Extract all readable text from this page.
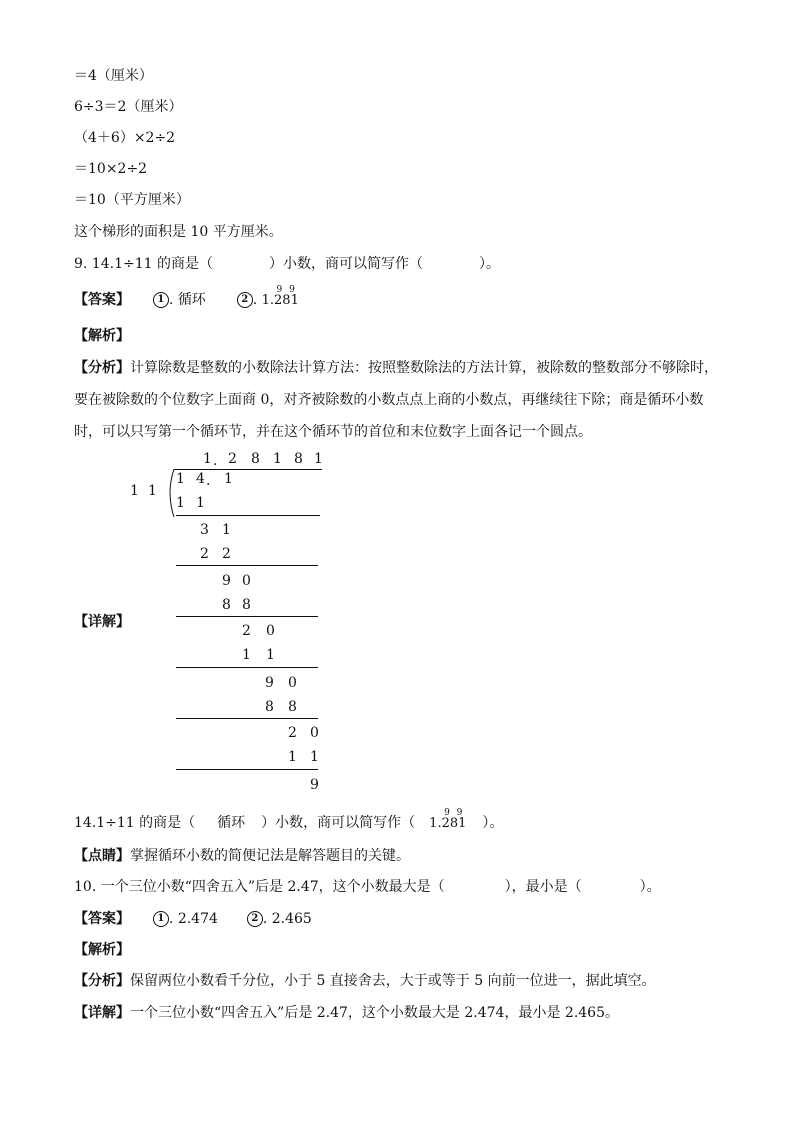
＝4（厘米）
6÷3＝2（厘米）
（4＋6）×2÷2
＝10×2÷2
＝10（平方厘米）
这个梯形的面积是 10 平方厘米。
9. 14.1÷11 的商是（	）小数，商可以简写作（	）。
【答案】	1 . 循环	2 . 1.281
9 9
【解析】
【分析】计算除数是整数的小数除法计算方法：按照整数除法的方法计算，被除数的整数部分不够除时，
要在被除数的个位数字上面商 0，对齐被除数的小数点点上商的小数点，再继续往下除；商是循环小数
时，可以只写第一个循环节，并在这个循环节的首位和末位数字上面各记一个圆点。
【详解】
1 . 2 8 1 8 1
1 1
1 4 . 1
1 1
3 1
2 2
9 0
8 8
2 0
1 1
9 0
8 8
2 0
1 1
9
14.1÷11 的商是（ 循环 ）小数，商可以简写作（ 1.281
9 9
）。
【点睛】掌握循环小数的简便记法是解答题目的关键。
10. 一个三位小数“四舍五入”后是 2.47，这个小数最大是（	），最小是（	）。
【答案】	1 . 2.474	2 . 2.465
【解析】
【分析】保留两位小数看千分位，小于 5 直接舍去，大于或等于 5 向前一位进一，据此填空。
【详解】一个三位小数“四舍五入”后是 2.47，这个小数最大是 2.474，最小是 2.465。
